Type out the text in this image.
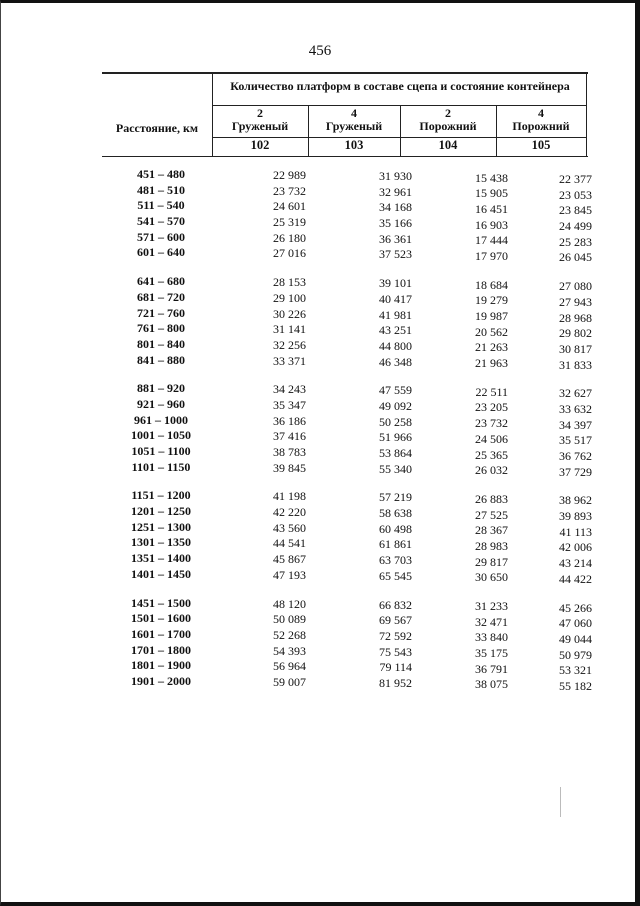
456
Расстояние, км
Количество платформ в составе сцепа и состояние контейнера
2
Груженый
4
Груженый
2
Порожний
4
Порожний
102	103	104	105
451 – 480	22 989	31 930	15 438	22 377
481 – 510	23 732	32 961	15 905	23 053
511 – 540	24 601	34 168	16 451	23 845
541 – 570	25 319	35 166	16 903	24 499
571 – 600	26 180	36 361	17 444	25 283
601 – 640	27 016	37 523	17 970	26 045
641 – 680	28 153	39 101	18 684	27 080
681 – 720	29 100	40 417	19 279	27 943
721 – 760	30 226	41 981	19 987	28 968
761 – 800	31 141	43 251	20 562	29 802
801 – 840	32 256	44 800	21 263	30 817
841 – 880	33 371	46 348	21 963	31 833
881 – 920	34 243	47 559	22 511	32 627
921 – 960	35 347	49 092	23 205	33 632
961 – 1000	36 186	50 258	23 732	34 397
1001 – 1050	37 416	51 966	24 506	35 517
1051 – 1100	38 783	53 864	25 365	36 762
1101 – 1150	39 845	55 340	26 032	37 729
1151 – 1200	41 198	57 219	26 883	38 962
1201 – 1250	42 220	58 638	27 525	39 893
1251 – 1300	43 560	60 498	28 367	41 113
1301 – 1350	44 541	61 861	28 983	42 006
1351 – 1400	45 867	63 703	29 817	43 214
1401 – 1450	47 193	65 545	30 650	44 422
1451 – 1500	48 120	66 832	31 233	45 266
1501 – 1600	50 089	69 567	32 471	47 060
1601 – 1700	52 268	72 592	33 840	49 044
1701 – 1800	54 393	75 543	35 175	50 979
1801 – 1900	56 964	79 114	36 791	53 321
1901 – 2000	59 007	81 952	38 075	55 182
